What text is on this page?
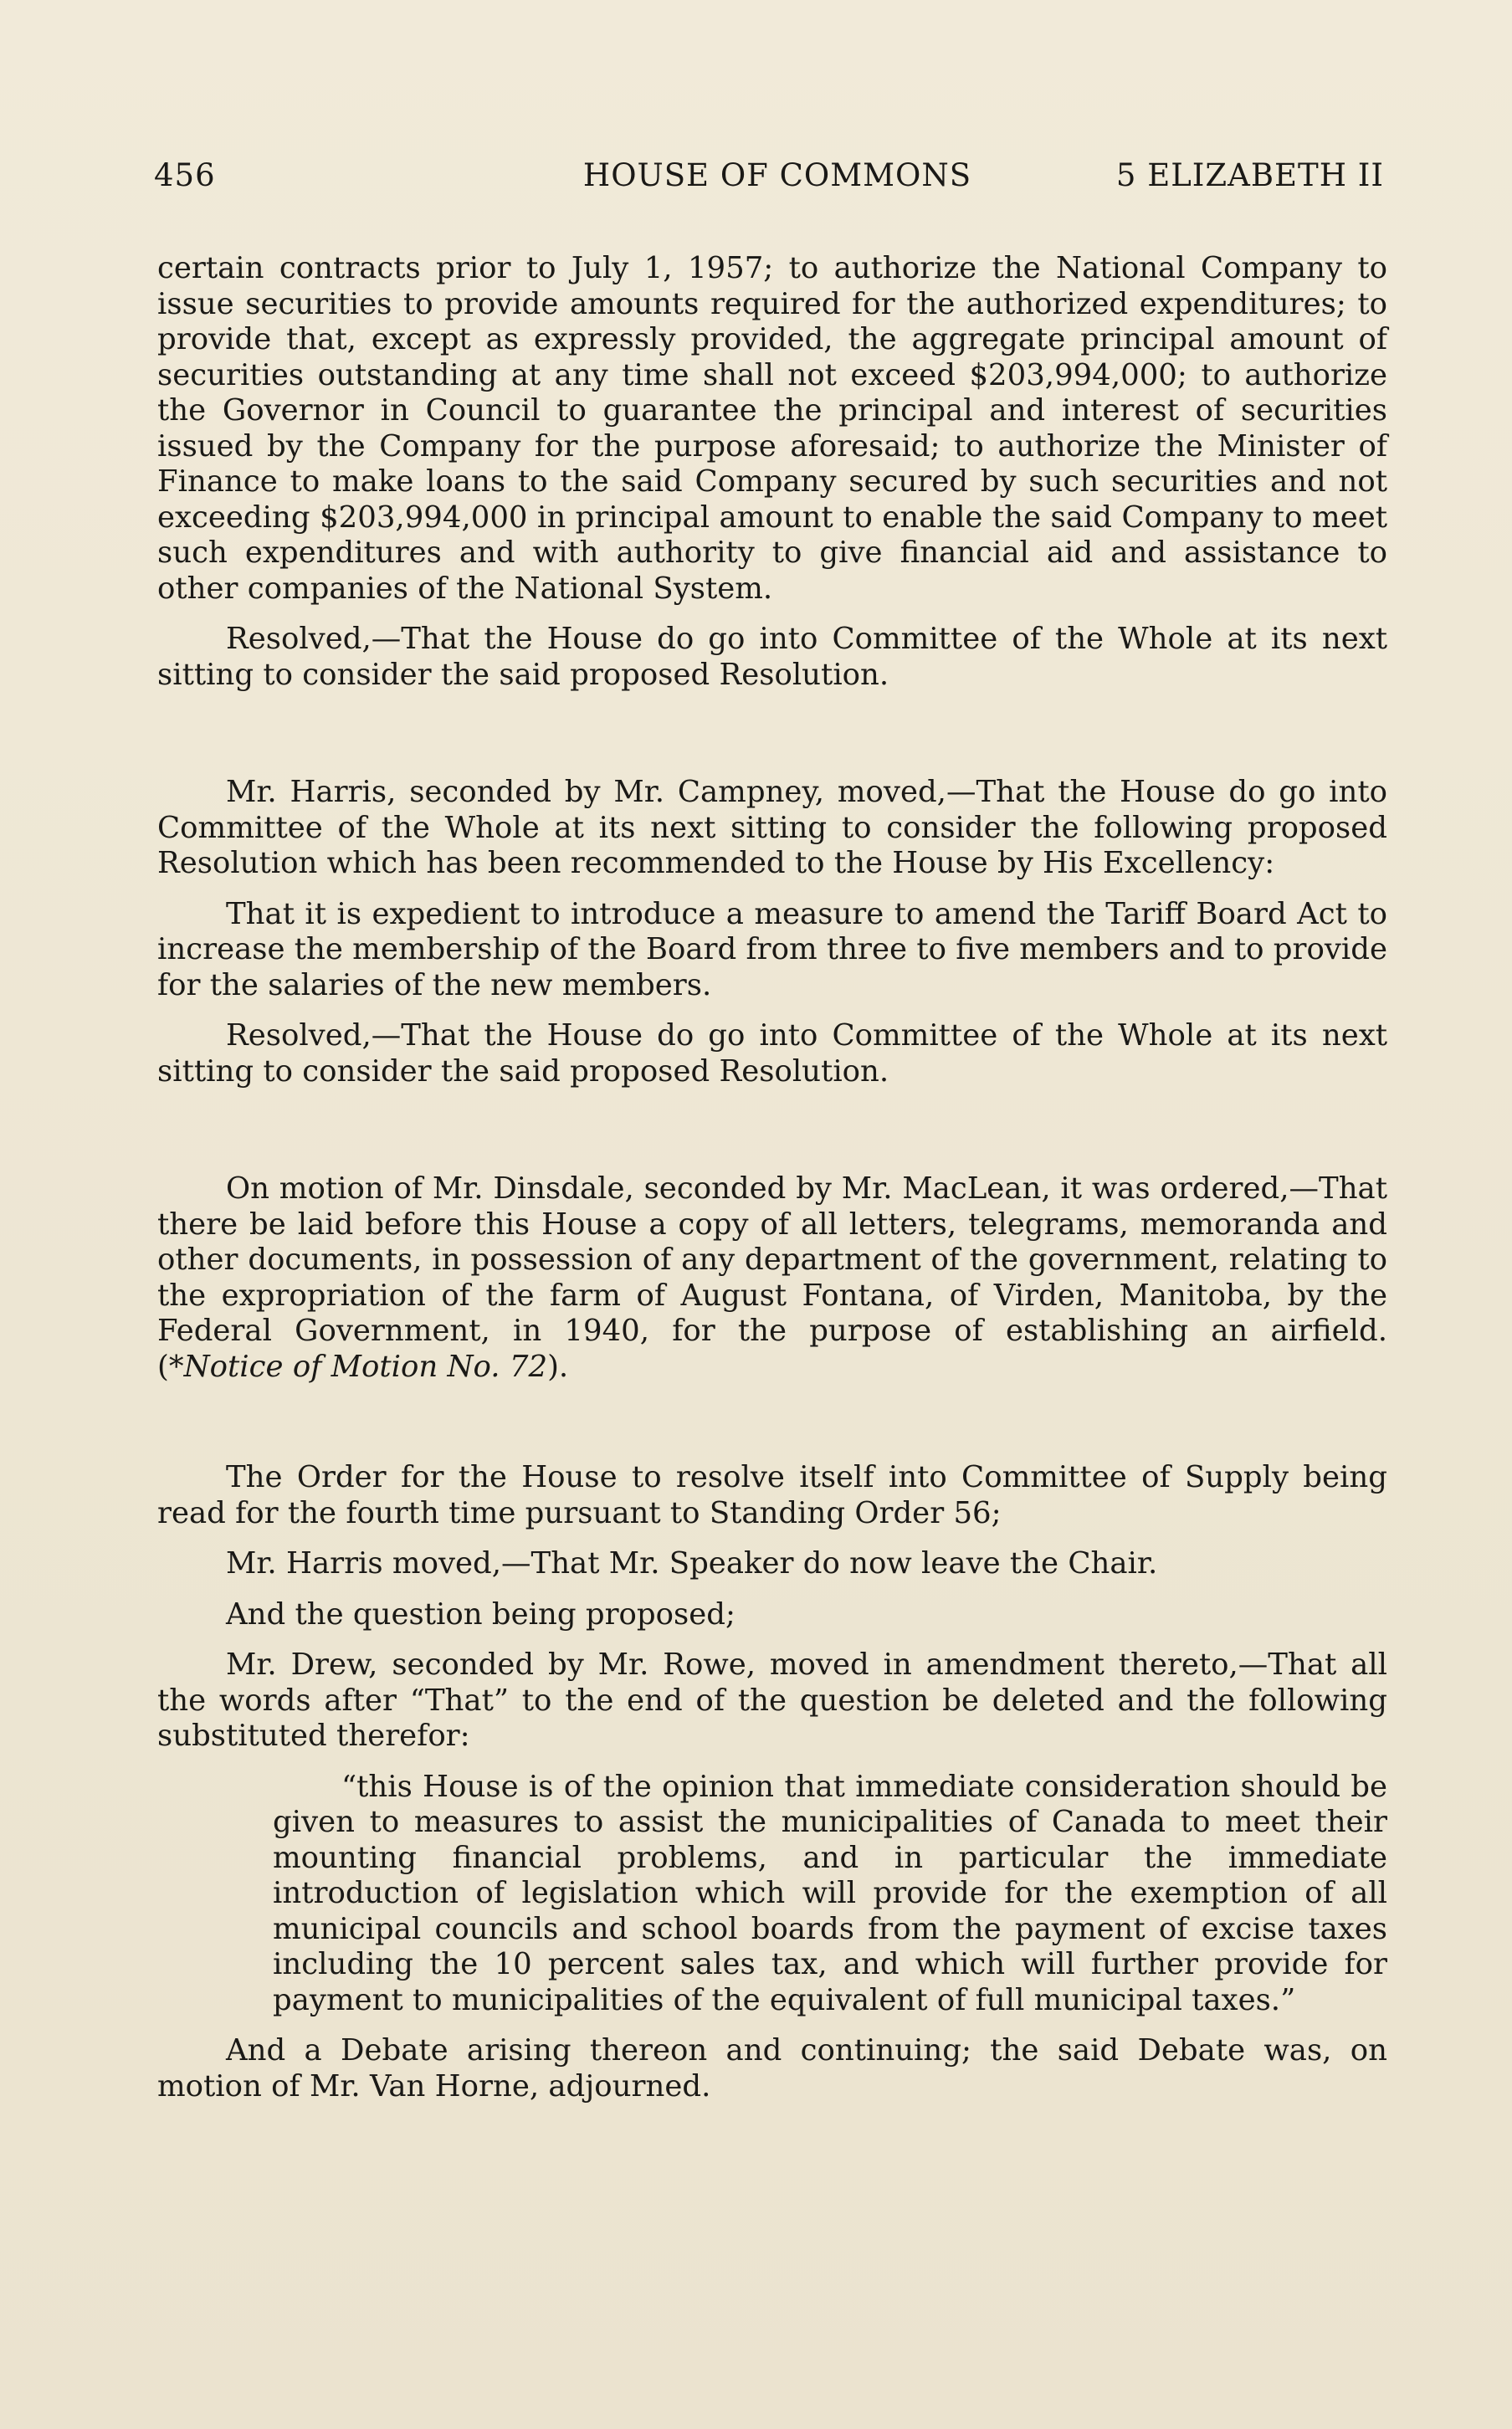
456	HOUSE OF COMMONS	5 ELIZABETH II

certain contracts prior to July 1, 1957; to authorize the National Company to issue securities to provide amounts required for the authorized expenditures; to provide that, except as expressly provided, the aggregate principal amount of securities outstanding at any time shall not exceed $203,994,000; to authorize the Governor in Council to guarantee the principal and interest of securities issued by the Company for the purpose aforesaid; to authorize the Minister of Finance to make loans to the said Company secured by such securities and not exceeding $203,994,000 in principal amount to enable the said Company to meet such expenditures and with authority to give financial aid and assistance to other companies of the National System.

Resolved,—That the House do go into Committee of the Whole at its next sitting to consider the said proposed Resolution.

Mr. Harris, seconded by Mr. Campney, moved,—That the House do go into Committee of the Whole at its next sitting to consider the following proposed Resolution which has been recommended to the House by His Excellency:

That it is expedient to introduce a measure to amend the Tariff Board Act to increase the membership of the Board from three to five members and to provide for the salaries of the new members.

Resolved,—That the House do go into Committee of the Whole at its next sitting to consider the said proposed Resolution.

On motion of Mr. Dinsdale, seconded by Mr. MacLean, it was ordered,—That there be laid before this House a copy of all letters, telegrams, memoranda and other documents, in possession of any department of the government, relating to the expropriation of the farm of August Fontana, of Virden, Manitoba, by the Federal Government, in 1940, for the purpose of establishing an airfield. (*Notice of Motion No. 72).

The Order for the House to resolve itself into Committee of Supply being read for the fourth time pursuant to Standing Order 56;

Mr. Harris moved,—That Mr. Speaker do now leave the Chair.

And the question being proposed;

Mr. Drew, seconded by Mr. Rowe, moved in amendment thereto,—That all the words after “That” to the end of the question be deleted and the following substituted therefor:

“this House is of the opinion that immediate consideration should be given to measures to assist the municipalities of Canada to meet their mounting financial problems, and in particular the immediate introduction of legislation which will provide for the exemption of all municipal councils and school boards from the payment of excise taxes including the 10 percent sales tax, and which will further provide for payment to municipalities of the equivalent of full municipal taxes.”

And a Debate arising thereon and continuing; the said Debate was, on motion of Mr. Van Horne, adjourned.
